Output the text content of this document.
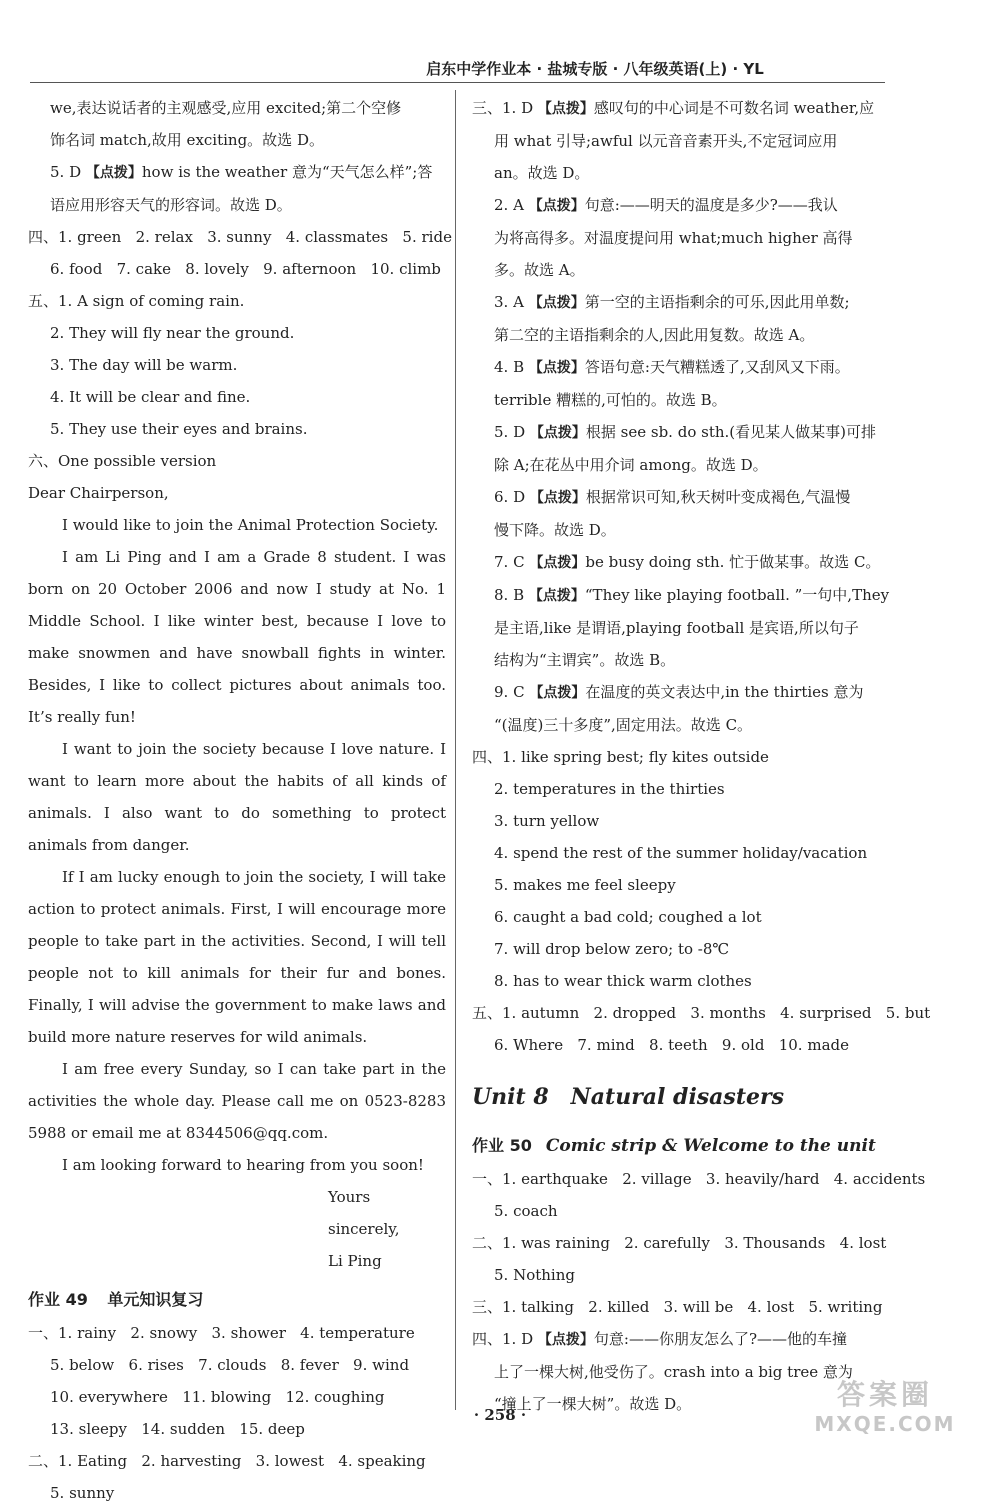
启东中学作业本 · 盐城专版 · 八年级英语(上) · YL
we,表达说话者的主观感受,应用 excited;第二个空修
饰名词 match,故用 exciting。故选 D。
5. D 【点拨】how is the weather 意为“天气怎么样”;答
语应用形容天气的形容词。故选 D。
四、1. green   2. relax   3. sunny   4. classmates   5. ride
6. food   7. cake   8. lovely   9. afternoon   10. climb
五、1. A sign of coming rain.
2. They will fly near the ground.
3. The day will be warm.
4. It will be clear and fine.
5. They use their eyes and brains.
六、One possible version
Dear Chairperson,
I would like to join the Animal Protection Society.
I am Li Ping and I am a Grade 8 student. I was born on 20 October 2006 and now I study at No. 1 Middle School. I like winter best, because I love to make snowmen and have snowball fights in winter. Besides, I like to collect pictures about animals too. It’s really fun!
I want to join the society because I love nature. I want to learn more about the habits of all kinds of animals. I also want to do something to protect animals from danger.
If I am lucky enough to join the society, I will take action to protect animals. First, I will encourage more people to take part in the activities. Second, I will tell people not to kill animals for their fur and bones. Finally, I will advise the government to make laws and build more nature reserves for wild animals.
I am free every Sunday, so I can take part in the activities the whole day. Please call me on 0523-8283 5988 or email me at 8344506@qq.com.
I am looking forward to hearing from you soon!
Yours sincerely,
Li Ping
作业 49 单元知识复习
一、1. rainy   2. snowy   3. shower   4. temperature
5. below   6. rises   7. clouds   8. fever   9. wind
10. everywhere   11. blowing   12. coughing
13. sleepy   14. sudden   15. deep
二、1. Eating   2. harvesting   3. lowest   4. speaking
5. sunny
三、1. D 【点拨】感叹句的中心词是不可数名词 weather,应
用 what 引导;awful 以元音音素开头,不定冠词应用
an。故选 D。
2. A 【点拨】句意:——明天的温度是多少?——我认
为将高得多。对温度提问用 what;much higher 高得
多。故选 A。
3. A 【点拨】第一空的主语指剩余的可乐,因此用单数;
第二空的主语指剩余的人,因此用复数。故选 A。
4. B 【点拨】答语句意:天气糟糕透了,又刮风又下雨。
terrible 糟糕的,可怕的。故选 B。
5. D 【点拨】根据 see sb. do sth.(看见某人做某事)可排
除 A;在花丛中用介词 among。故选 D。
6. D 【点拨】根据常识可知,秋天树叶变成褐色,气温慢
慢下降。故选 D。
7. C 【点拨】be busy doing sth. 忙于做某事。故选 C。
8. B 【点拨】“They like playing football. ”一句中,They
是主语,like 是谓语,playing football 是宾语,所以句子
结构为“主谓宾”。故选 B。
9. C 【点拨】在温度的英文表达中,in the thirties 意为
“(温度)三十多度”,固定用法。故选 C。
四、1. like spring best; fly kites outside
2. temperatures in the thirties
3. turn yellow
4. spend the rest of the summer holiday/vacation
5. makes me feel sleepy
6. caught a bad cold; coughed a lot
7. will drop below zero; to -8℃
8. has to wear thick warm clothes
五、1. autumn   2. dropped   3. months   4. surprised   5. but
6. Where   7. mind   8. teeth   9. old   10. made
Unit 8 Natural disasters
作业 50 Comic strip & Welcome to the unit
一、1. earthquake   2. village   3. heavily/hard   4. accidents
5. coach
二、1. was raining   2. carefully   3. Thousands   4. lost
5. Nothing
三、1. talking   2. killed   3. will be   4. lost   5. writing
四、1. D 【点拨】句意:——你朋友怎么了?——他的车撞
上了一棵大树,他受伤了。crash into a big tree 意为
“撞上了一棵大树”。故选 D。
· 258 ·
答案圈
MXQE.COM
